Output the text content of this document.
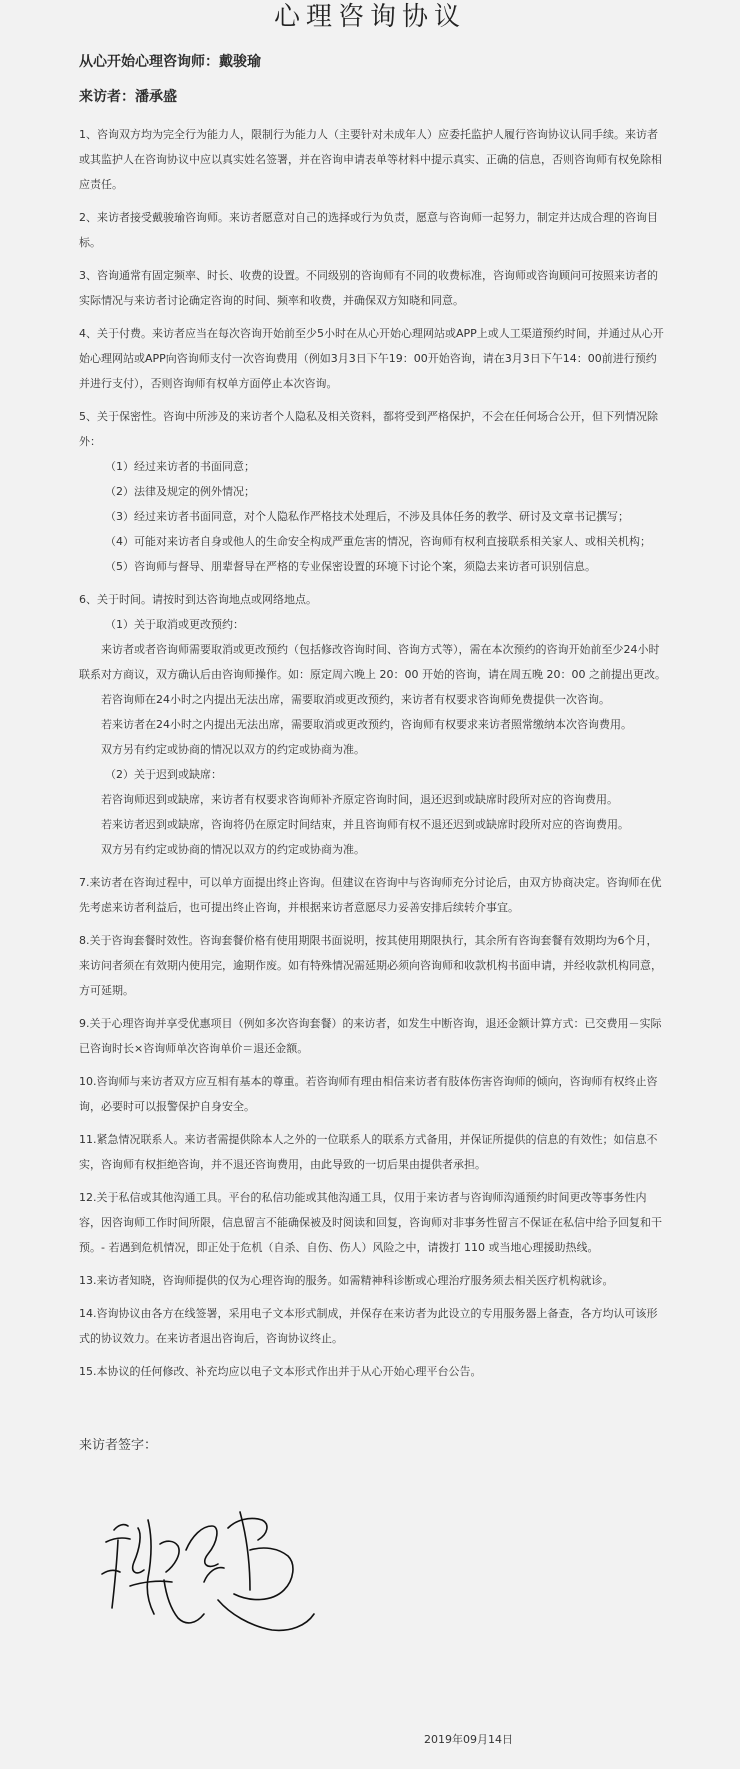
心理咨询协议
从心开始心理咨询师：戴骏瑜
来访者：潘承盛

1、咨询双方均为完全行为能力人，限制行为能力人（主要针对未成年人）应委托监护人履行咨询协议认同手续。来访者或其监护人在咨询协议中应以真实姓名签署，并在咨询申请表单等材料中提示真实、正确的信息，否则咨询师有权免除相应责任。

2、来访者接受戴骏瑜咨询师。来访者愿意对自己的选择或行为负责，愿意与咨询师一起努力，制定并达成合理的咨询目标。

3、咨询通常有固定频率、时长、收费的设置。不同级别的咨询师有不同的收费标准，咨询师或咨询顾问可按照来访者的实际情况与来访者讨论确定咨询的时间、频率和收费，并确保双方知晓和同意。

4、关于付费。来访者应当在每次咨询开始前至少5小时在从心开始心理网站或APP上或人工渠道预约时间，并通过从心开始心理网站或APP向咨询师支付一次咨询费用（例如3月3日下午19：00开始咨询，请在3月3日下午14：00前进行预约并进行支付），否则咨询师有权单方面停止本次咨询。

5、关于保密性。咨询中所涉及的来访者个人隐私及相关资料，都将受到严格保护，不会在任何场合公开，但下列情况除外：

（1）经过来访者的书面同意；

（2）法律及规定的例外情况；

（3）经过来访者书面同意，对个人隐私作严格技术处理后，不涉及具体任务的教学、研讨及文章书记撰写；

（4）可能对来访者自身或他人的生命安全构成严重危害的情况，咨询师有权利直接联系相关家人、或相关机构；

（5）咨询师与督导、朋辈督导在严格的专业保密设置的环境下讨论个案，须隐去来访者可识别信息。

6、关于时间。请按时到达咨询地点或网络地点。

（1）关于取消或更改预约：

来访者或者咨询师需要取消或更改预约（包括修改咨询时间、咨询方式等），需在本次预约的咨询开始前至少24小时联系对方商议，双方确认后由咨询师操作。如：原定周六晚上 20：00 开始的咨询，请在周五晚 20：00 之前提出更改。

若咨询师在24小时之内提出无法出席，需要取消或更改预约，来访者有权要求咨询师免费提供一次咨询。

若来访者在24小时之内提出无法出席，需要取消或更改预约，咨询师有权要求来访者照常缴纳本次咨询费用。

双方另有约定或协商的情况以双方的约定或协商为准。

（2）关于迟到或缺席：

若咨询师迟到或缺席，来访者有权要求咨询师补齐原定咨询时间，退还迟到或缺席时段所对应的咨询费用。

若来访者迟到或缺席，咨询将仍在原定时间结束，并且咨询师有权不退还迟到或缺席时段所对应的咨询费用。

双方另有约定或协商的情况以双方的约定或协商为准。

7.来访者在咨询过程中，可以单方面提出终止咨询。但建议在咨询中与咨询师充分讨论后，由双方协商决定。咨询师在优先考虑来访者利益后，也可提出终止咨询，并根据来访者意愿尽力妥善安排后续转介事宜。

8.关于咨询套餐时效性。咨询套餐价格有使用期限书面说明，按其使用期限执行，其余所有咨询套餐有效期均为6个月，来访问者须在有效期内使用完，逾期作废。如有特殊情况需延期必须向咨询师和收款机构书面申请，并经收款机构同意，方可延期。

9.关于心理咨询并享受优惠项目（例如多次咨询套餐）的来访者，如发生中断咨询，退还金额计算方式：已交费用－实际已咨询时长×咨询师单次咨询单价＝退还金额。

10.咨询师与来访者双方应互相有基本的尊重。若咨询师有理由相信来访者有肢体伤害咨询师的倾向，咨询师有权终止咨询，必要时可以报警保护自身安全。

11.紧急情况联系人。来访者需提供除本人之外的一位联系人的联系方式备用，并保证所提供的信息的有效性；如信息不实，咨询师有权拒绝咨询，并不退还咨询费用，由此导致的一切后果由提供者承担。

12.关于私信或其他沟通工具。平台的私信功能或其他沟通工具，仅用于来访者与咨询师沟通预约时间更改等事务性内容，因咨询师工作时间所限，信息留言不能确保被及时阅读和回复，咨询师对非事务性留言不保证在私信中给予回复和干预。- 若遇到危机情况，即正处于危机（自杀、自伤、伤人）风险之中，请拨打 110 或当地心理援助热线。

13.来访者知晓，咨询师提供的仅为心理咨询的服务。如需精神科诊断或心理治疗服务须去相关医疗机构就诊。

14.咨询协议由各方在线签署，采用电子文本形式制成，并保存在来访者为此设立的专用服务器上备查，各方均认可该形式的协议效力。在来访者退出咨询后，咨询协议终止。

15.本协议的任何修改、补充均应以电子文本形式作出并于从心开始心理平台公告。

来访者签字：
2019年09月14日
